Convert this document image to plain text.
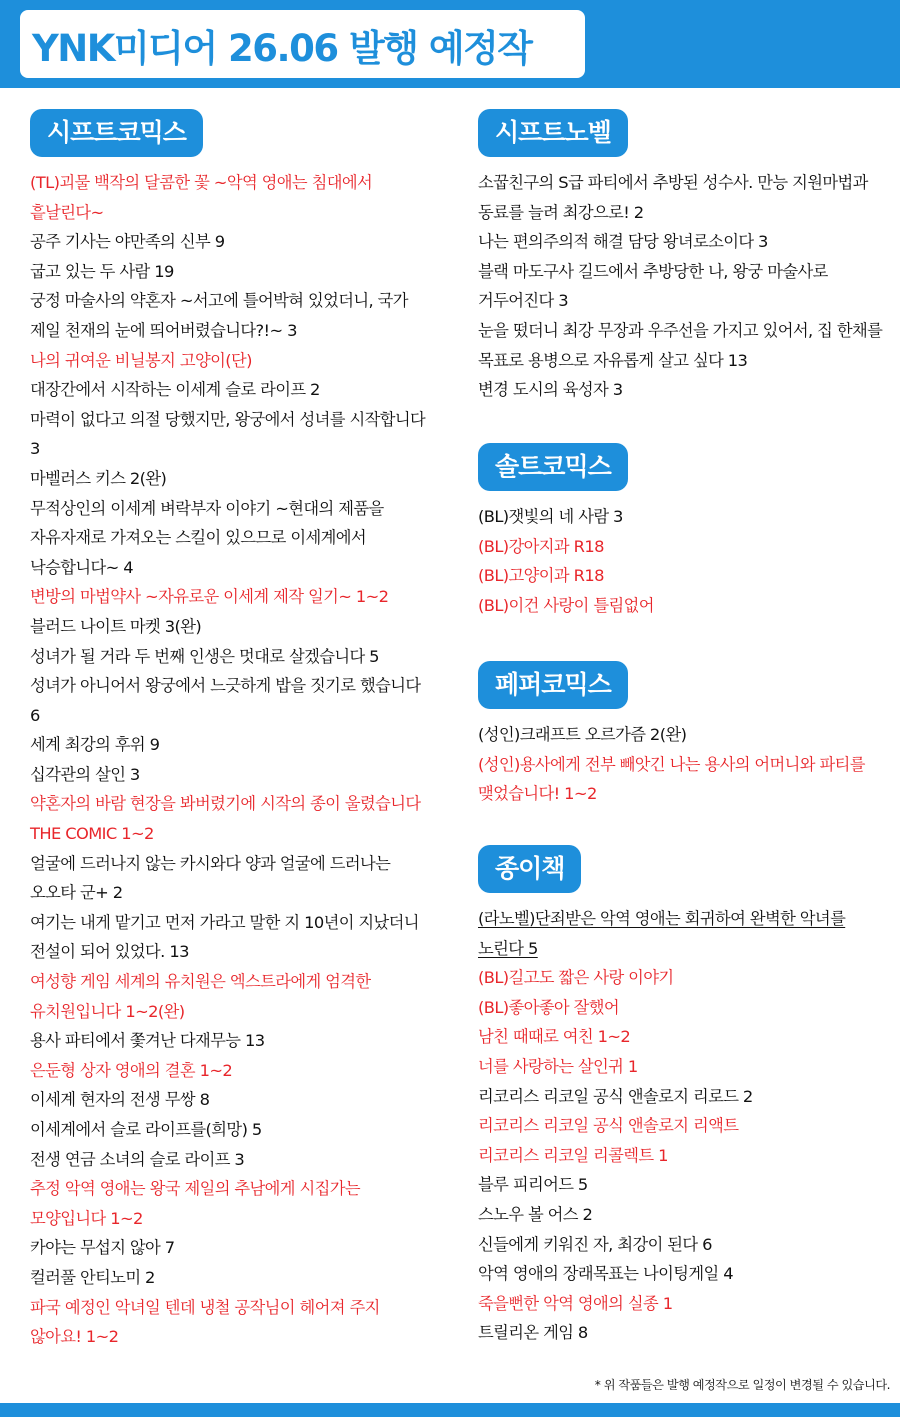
YNK미디어 26.06 발행 예정작
시프트코믹스
(TL)괴물 백작의 달콤한 꽃 ~악역 영애는 침대에서
흩날린다~
공주 기사는 야만족의 신부 9
굽고 있는 두 사람 19
궁정 마술사의 약혼자 ~서고에 틀어박혀 있었더니, 국가
제일 천재의 눈에 띄어버렸습니다?!~ 3
나의 귀여운 비닐봉지 고양이(단)
대장간에서 시작하는 이세계 슬로 라이프 2
마력이 없다고 의절 당했지만, 왕궁에서 성녀를 시작합니다
3
마벨러스 키스 2(완)
무적상인의 이세계 벼락부자 이야기 ~현대의 제품을
자유자재로 가져오는 스킬이 있으므로 이세계에서
낙승합니다~ 4
변방의 마법약사 ~자유로운 이세계 제작 일기~ 1~2
블러드 나이트 마켓 3(완)
성녀가 될 거라 두 번째 인생은 멋대로 살겠습니다 5
성녀가 아니어서 왕궁에서 느긋하게 밥을 짓기로 했습니다
6
세계 최강의 후위 9
십각관의 살인 3
약혼자의 바람 현장을 봐버렸기에 시작의 종이 울렸습니다
THE COMIC 1~2
얼굴에 드러나지 않는 카시와다 양과 얼굴에 드러나는
오오타 군+ 2
여기는 내게 맡기고 먼저 가라고 말한 지 10년이 지났더니
전설이 되어 있었다. 13
여성향 게임 세계의 유치원은 엑스트라에게 엄격한
유치원입니다 1~2(완)
용사 파티에서 쫓겨난 다재무능 13
은둔형 상자 영애의 결혼 1~2
이세계 현자의 전생 무쌍 8
이세계에서 슬로 라이프를(희망) 5
전생 연금 소녀의 슬로 라이프 3
추정 악역 영애는 왕국 제일의 추남에게 시집가는
모양입니다 1~2
카야는 무섭지 않아 7
컬러풀 안티노미 2
파국 예정인 악녀일 텐데 냉철 공작님이 헤어져 주지
않아요! 1~2
시프트노벨
소꿉친구의 S급 파티에서 추방된 성수사. 만능 지원마법과
동료를 늘려 최강으로! 2
나는 편의주의적 해결 담당 왕녀로소이다 3
블랙 마도구사 길드에서 추방당한 나, 왕궁 마술사로
거두어진다 3
눈을 떴더니 최강 무장과 우주선을 가지고 있어서, 집 한채를
목표로 용병으로 자유롭게 살고 싶다 13
변경 도시의 육성자 3
솔트코믹스
(BL)잿빛의 네 사람 3
(BL)강아지과 R18
(BL)고양이과 R18
(BL)이건 사랑이 틀림없어
페퍼코믹스
(성인)크래프트 오르가즘 2(완)
(성인)용사에게 전부 빼앗긴 나는 용사의 어머니와 파티를
맺었습니다! 1~2
종이책
(라노벨)단죄받은 악역 영애는 회귀하여 완벽한 악녀를
노린다 5
(BL)길고도 짧은 사랑 이야기
(BL)좋아좋아 잘했어
남친 때때로 여친 1~2
너를 사랑하는 살인귀 1
리코리스 리코일 공식 앤솔로지 리로드 2
리코리스 리코일 공식 앤솔로지 리액트
리코리스 리코일 리콜렉트 1
블루 피리어드 5
스노우 볼 어스 2
신들에게 키워진 자, 최강이 된다 6
악역 영애의 장래목표는 나이팅게일 4
죽을뻔한 악역 영애의 실종 1
트릴리온 게임 8
* 위 작품들은 발행 예정작으로 일정이 변경될 수 있습니다.
